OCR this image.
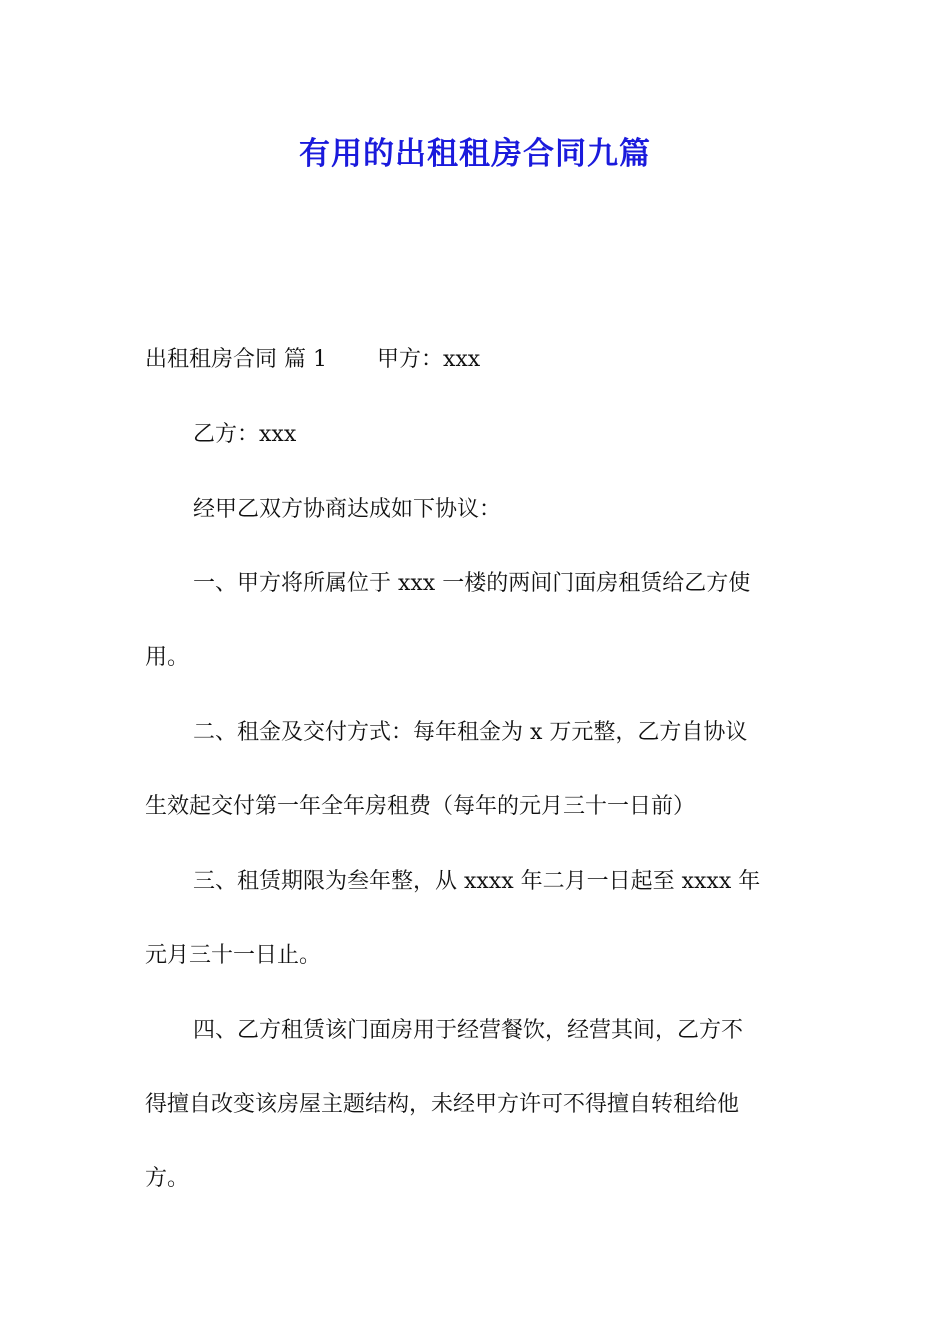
有用的出租租房合同九篇
出租租房合同 篇 1 甲方：xxx
乙方：xxx
经甲乙双方协商达成如下协议：
一、甲方将所属位于 xxx 一楼的两间门面房租赁给乙方使
用。
二、租金及交付方式：每年租金为 x 万元整，乙方自协议
生效起交付第一年全年房租费（每年的元月三十一日前）
三、租赁期限为叁年整，从 xxxx 年二月一日起至 xxxx 年
元月三十一日止。
四、乙方租赁该门面房用于经营餐饮，经营其间，乙方不
得擅自改变该房屋主题结构，未经甲方许可不得擅自转租给他
方。
